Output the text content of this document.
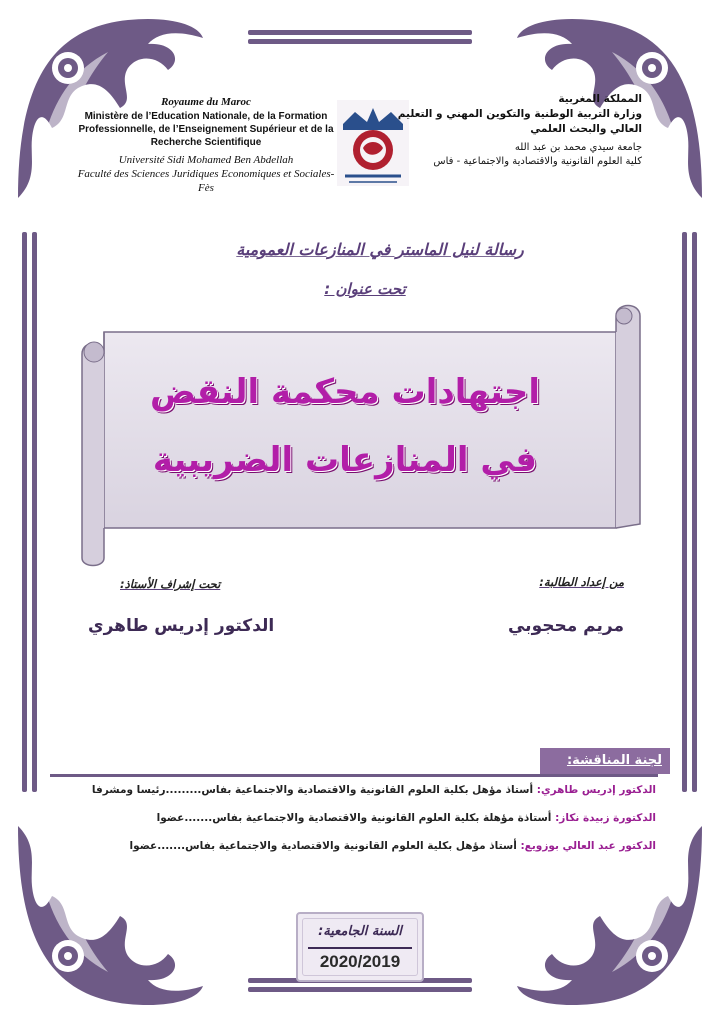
Royaume du Maroc
Ministère de l’Education Nationale, de la Formation Professionnelle, de l’Enseignement Supérieur et de la Recherche Scientifique
Université Sidi Mohamed Ben Abdellah
Faculté des Sciences Juridiques Economiques et Sociales-Fès
المملكة المغربية
وزارة التربية الوطنية والتكوين المهني و التعليم العالي والبحث العلمي
جامعة سيدي محمد بن عبد الله
كلية العلوم القانونية والاقتصادية والاجتماعية - فاس
رسالة لنيل الماستر في المنازعات العمومية
تحت عنوان :
اجتهادات محكمة النقض
في المنازعات الضريبية
من إعداد الطالبة:
تحت إشراف الأستاذ:
مريم محجوبي
الدكتور إدريس طاهري
لجنة المناقشة:
الدكتور إدريس طاهري: أستاذ مؤهل بكلية العلوم القانونية والاقتصادية والاجتماعية بفاس.........رئيسا ومشرفا
الدكتورة زبيدة نكاز: أستاذة مؤهلة بكلية العلوم القانونية والاقتصادية والاجتماعية بفاس.......عضوا
الدكتور عبد العالي بوزويع: أستاذ مؤهل بكلية العلوم القانونية والاقتصادية والاجتماعية بفاس.......عضوا
السنة الجامعية:
2020/2019
